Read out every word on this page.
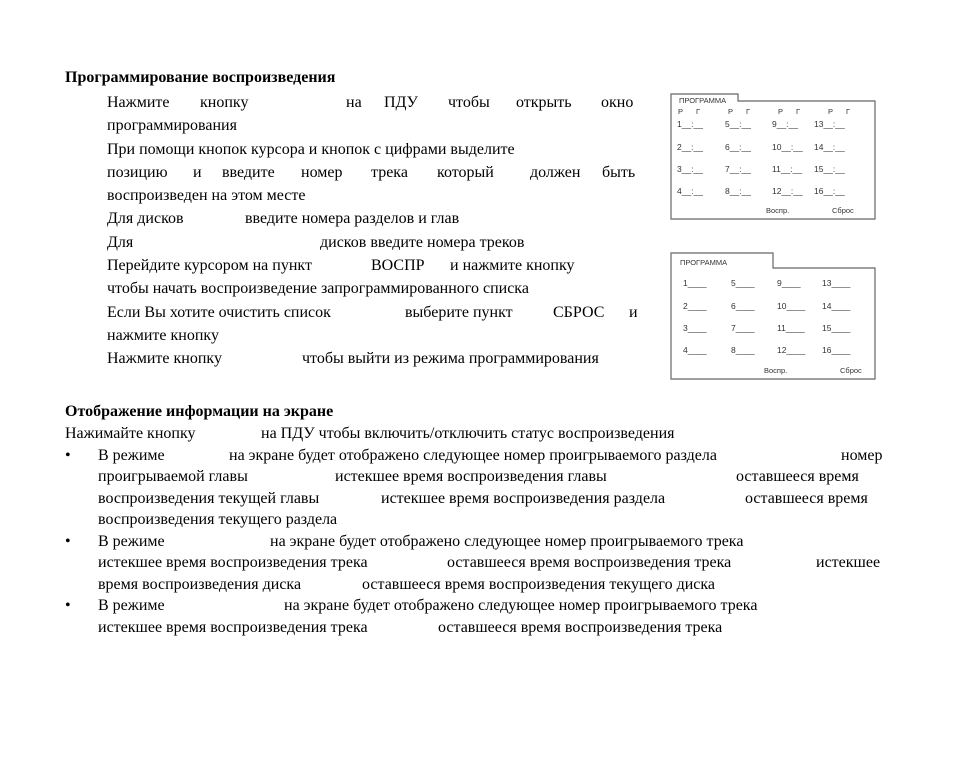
Программирование воспроизведения
Нажмите кнопку	на ПДУ чтобы открыть окно
программирования
При помощи кнопок курсора и кнопок с цифрами выделите
позицию и введите номер трека который должен быть
воспроизведен на этом месте
Для дисков	введите номера разделов и глав
Для	дисков введите номера треков
Перейдите курсором на пункт	ВОСПР и нажмите кнопку
чтобы начать воспроизведение запрограммированного списка
Если Вы хотите очистить список	выберите пункт	СБРОС и
нажмите кнопку
Нажмите кнопку	чтобы выйти из режима программирования
Отображение информации на экране
Нажимайте кнопку	на ПДУ чтобы включить/отключить статус воспроизведения
• В режиме	на экране будет отображено следующее номер проигрываемого раздела	номер
проигрываемой главы	истекшее время воспроизведения главы	оставшееся время
воспроизведения текущей главы	истекшее время воспроизведения раздела	оставшееся время
воспроизведения текущего раздела
• В режиме	на экране будет отображено следующее номер проигрываемого трека
истекшее время воспроизведения трека	оставшееся время воспроизведения трека	истекшее
время воспроизведения диска	оставшееся время воспроизведения текущего диска
• В режиме	на экране будет отображено следующее номер проигрываемого трека
истекшее время воспроизведения трека	оставшееся время воспроизведения трека
ПРОГРАММА
Р Г	Р Г	Р Г	Р Г
1__:__	5__:__ 9__:__ 13__:__
2__:__	6__:__ 10__:__ 14__:__
3__:__	7__:__ 11__:__ 15__:__
4__:__	8__:__ 12__:__ 16__:__
Воспр.	Сброс
ПРОГРАММА
1____	5____	9____	13____
2____	6____	10____ 14____
3____	7____	11____ 15____
4____	8____	12____ 16____
Воспр.	Сброс
